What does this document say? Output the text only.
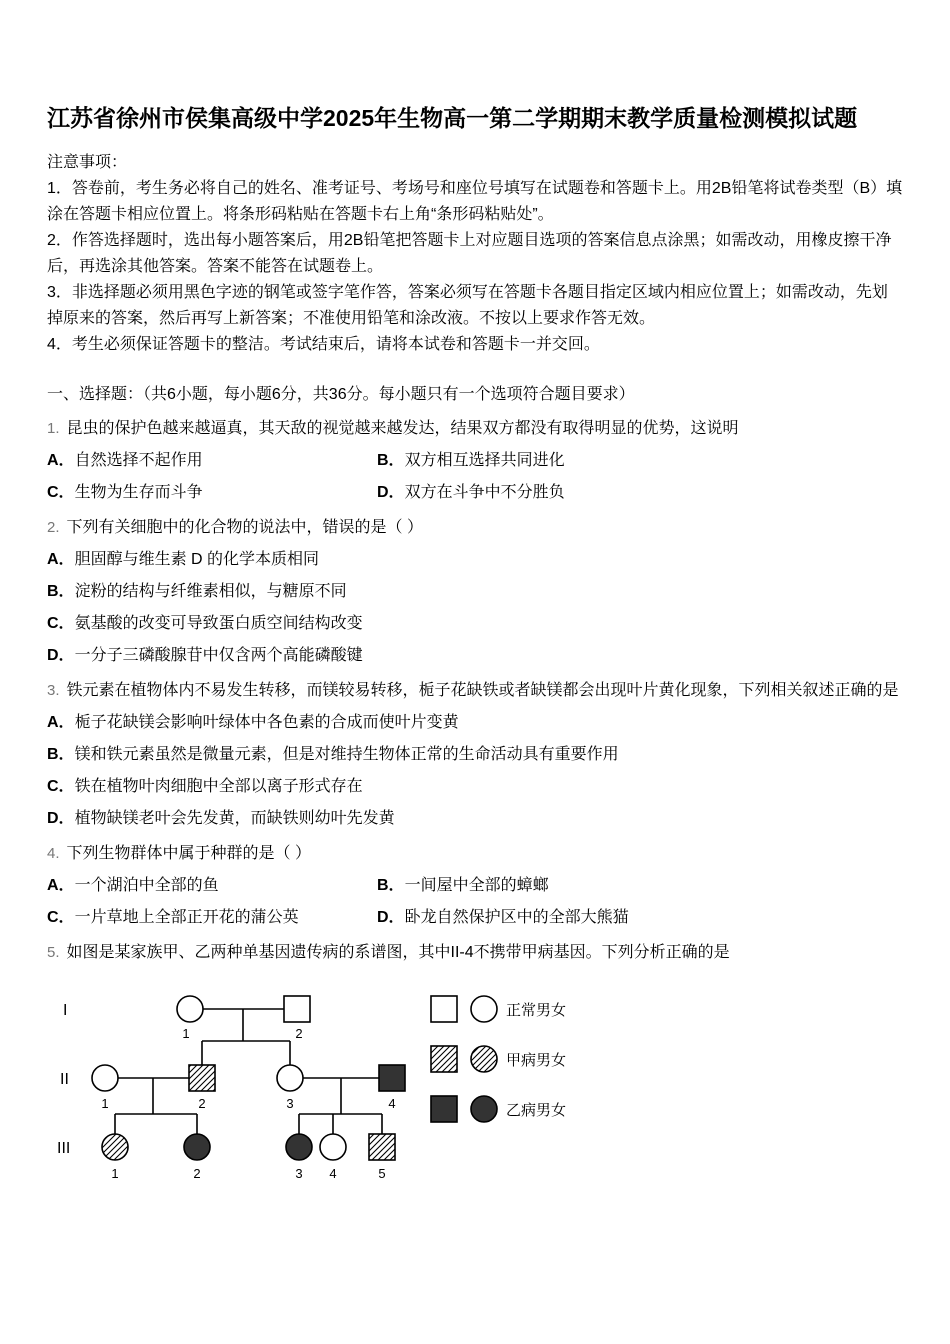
江苏省徐州市侯集高级中学2025年生物高一第二学期期末教学质量检测模拟试题
注意事项：

1．答卷前，考生务必将自己的姓名、准考证号、考场号和座位号填写在试题卷和答题卡上。用2B铅笔将试卷类型（B）填涂在答题卡相应位置上。将条形码粘贴在答题卡右上角“条形码粘贴处”。

2．作答选择题时，选出每小题答案后，用2B铅笔把答题卡上对应题目选项的答案信息点涂黑；如需改动，用橡皮擦干净后，再选涂其他答案。答案不能答在试题卷上。

3．非选择题必须用黑色字迹的钢笔或签字笔作答，答案必须写在答题卡各题目指定区域内相应位置上；如需改动，先划掉原来的答案，然后再写上新答案；不准使用铅笔和涂改液。不按以上要求作答无效。

4．考生必须保证答题卡的整洁。考试结束后，请将本试卷和答题卡一并交回。

一、选择题：（共6小题，每小题6分，共36分。每小题只有一个选项符合题目要求）
1. 昆虫的保护色越来越逼真，其天敌的视觉越来越发达，结果双方都没有取得明显的优势，这说明
A．自然选择不起作用	B．双方相互选择共同进化
C．生物为生存而斗争	D．双方在斗争中不分胜负
2. 下列有关细胞中的化合物的说法中，错误的是（ ）
A．胆固醇与维生素 D 的化学本质相同
B．淀粉的结构与纤维素相似，与糖原不同
C．氨基酸的改变可导致蛋白质空间结构改变
D．一分子三磷酸腺苷中仅含两个高能磷酸键
3. 铁元素在植物体内不易发生转移，而镁较易转移，栀子花缺铁或者缺镁都会出现叶片黄化现象，下列相关叙述正确的是
A．栀子花缺镁会影响叶绿体中各色素的合成而使叶片变黄
B．镁和铁元素虽然是微量元素，但是对维持生物体正常的生命活动具有重要作用
C．铁在植物叶肉细胞中全部以离子形式存在
D．植物缺镁老叶会先发黄，而缺铁则幼叶先发黄
4. 下列生物群体中属于种群的是（ ）
A．一个湖泊中全部的鱼	B．一间屋中全部的蟑螂
C．一片草地上全部正开花的蒲公英	D．卧龙自然保护区中的全部大熊猫
5. 如图是某家族甲、乙两种单基因遗传病的系谱图，其中II-4不携带甲病基因。下列分析正确的是
I
II
III
1	2
1	2	3	4
1	2	3 4	5
正常男女
甲病男女
乙病男女
